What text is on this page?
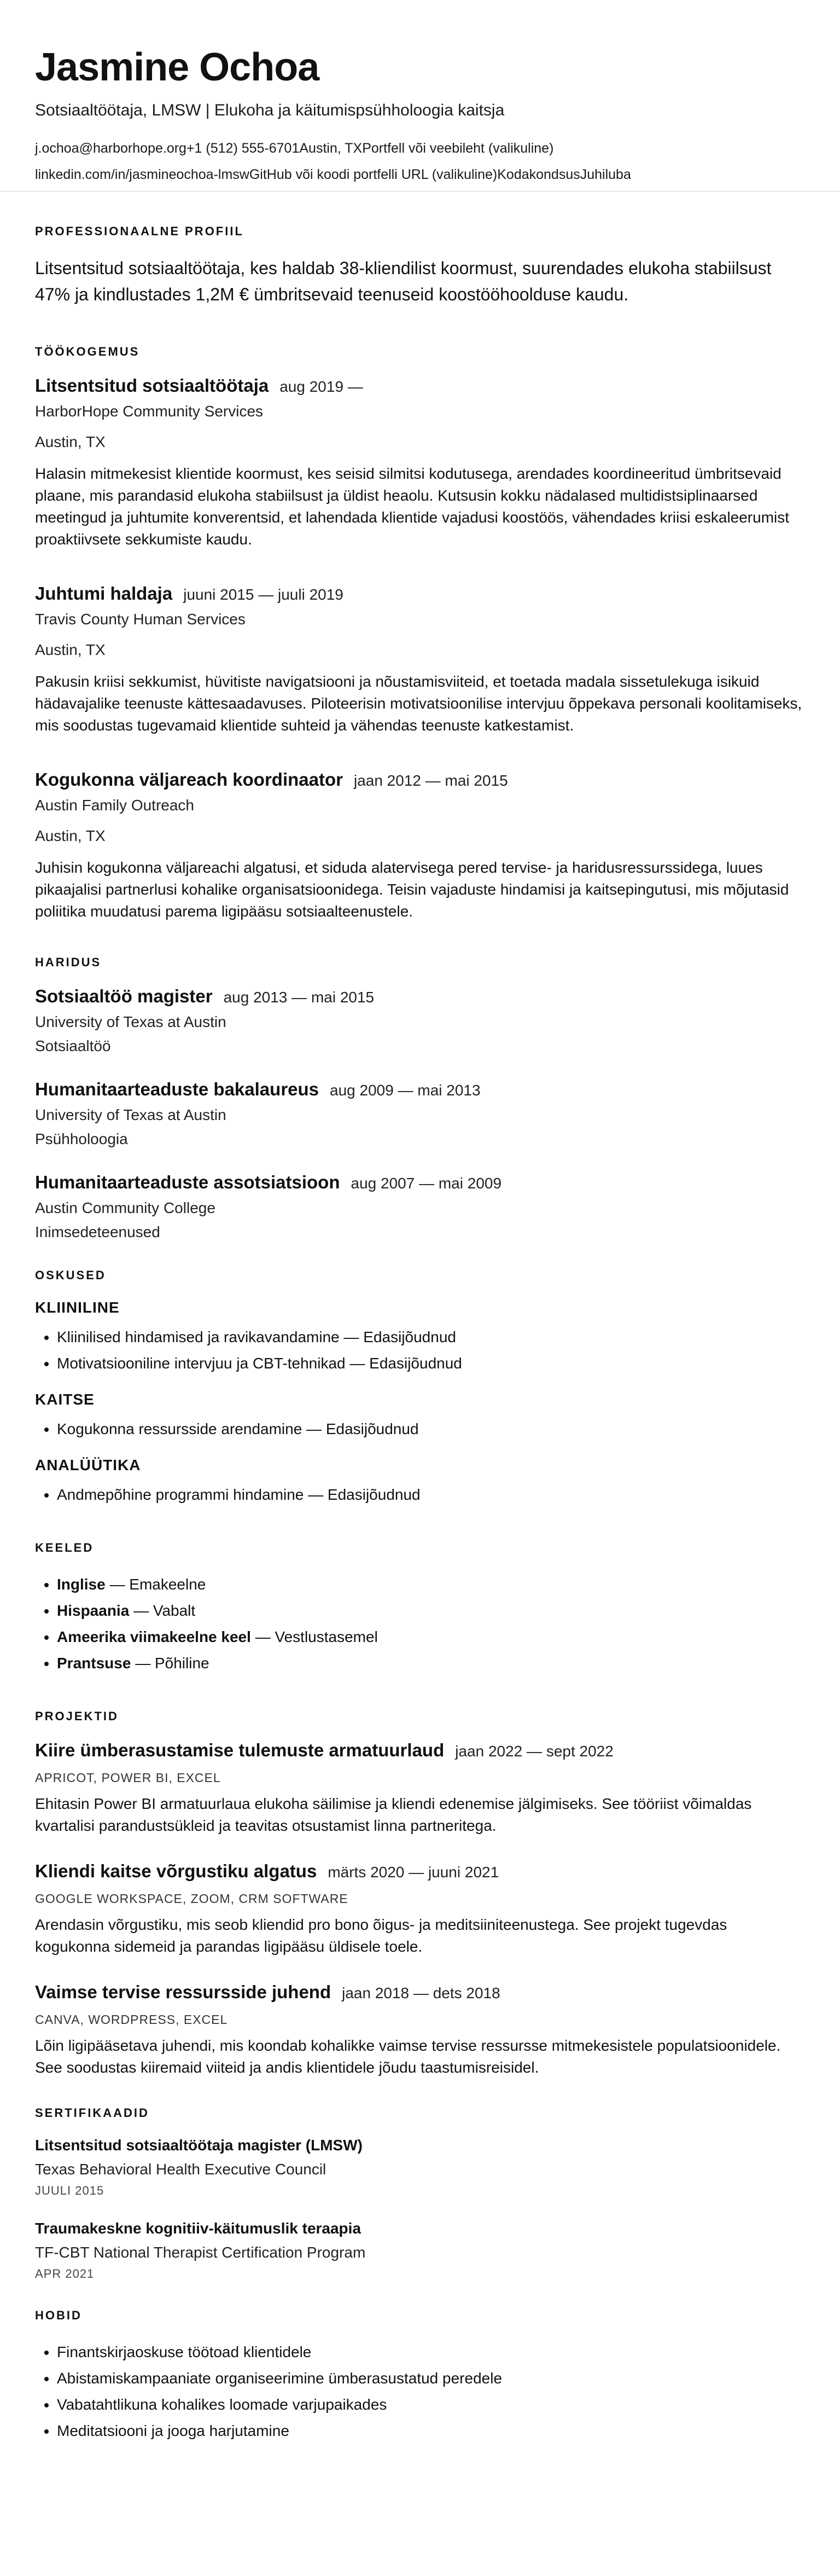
Jasmine Ochoa
Sotsiaaltöötaja, LMSW | Elukoha ja käitumispsühholoogia kaitsja
j.ochoa@harborhope.org+1 (512) 555-6701Austin, TXPortfell või veebileht (valikuline)
linkedin.com/in/jasmineochoa-lmswGitHub või koodi portfelli URL (valikuline)KodakondsusJuhiluba
PROFESSIONAALNE PROFIIL
Litsentsitud sotsiaaltöötaja, kes haldab 38-kliendilist koormust, suurendades elukoha stabiilsust 47% ja kindlustades 1,2M € ümbritsevaid teenuseid koostööhoolduse kaudu.
TÖÖKOGEMUS
Litsentsitud sotsiaaltöötaja aug 2019 —
HarborHope Community Services
Austin, TX
Halasin mitmekesist klientide koormust, kes seisid silmitsi kodutusega, arendades koordineeritud ümbritsevaid plaane, mis parandasid elukoha stabiilsust ja üldist heaolu. Kutsusin kokku nädalased multidistsiplinaarsed meetingud ja juhtumite konverentsid, et lahendada klientide vajadusi koostöös, vähendades kriisi eskaleerumist proaktiivsete sekkumiste kaudu.
Juhtumi haldaja juuni 2015 — juuli 2019
Travis County Human Services
Austin, TX
Pakusin kriisi sekkumist, hüvitiste navigatsiooni ja nõustamisviiteid, et toetada madala sissetulekuga isikuid hädavajalike teenuste kättesaadavuses. Piloteerisin motivatsioonilise intervjuu õppekava personali koolitamiseks, mis soodustas tugevamaid klientide suhteid ja vähendas teenuste katkestamist.
Kogukonna väljareach koordinaator jaan 2012 — mai 2015
Austin Family Outreach
Austin, TX
Juhisin kogukonna väljareachi algatusi, et siduda alatervisega pered tervise- ja haridusressurssidega, luues pikaajalisi partnerlusi kohalike organisatsioonidega. Teisin vajaduste hindamisi ja kaitsepingutusi, mis mõjutasid poliitika muudatusi parema ligipääsu sotsiaalteenustele.
HARIDUS
Sotsiaaltöö magister aug 2013 — mai 2015
University of Texas at Austin
Sotsiaaltöö
Humanitaarteaduste bakalaureus aug 2009 — mai 2013
University of Texas at Austin
Psühholoogia
Humanitaarteaduste assotsiatsioon aug 2007 — mai 2009
Austin Community College
Inimsedeteenused
OSKUSED
KLIINILINE
• Kliinilised hindamised ja ravikavandamine — Edasijõudnud
• Motivatsiooniline intervjuu ja CBT-tehnikad — Edasijõudnud
KAITSE
• Kogukonna ressursside arendamine — Edasijõudnud
ANALÜÜTIKA
• Andmepõhine programmi hindamine — Edasijõudnud
KEELED
• Inglise — Emakeelne
• Hispaania — Vabalt
• Ameerika viimakeelne keel — Vestlustasemel
• Prantsuse — Põhiline
PROJEKTID
Kiire ümberasustamise tulemuste armatuurlaud jaan 2022 — sept 2022
APRICOT, POWER BI, EXCEL
Ehitasin Power BI armatuurlaua elukoha säilimise ja kliendi edenemise jälgimiseks. See tööriist võimaldas kvartalisi parandustsükleid ja teavitas otsustamist linna partneritega.
Kliendi kaitse võrgustiku algatus märts 2020 — juuni 2021
GOOGLE WORKSPACE, ZOOM, CRM SOFTWARE
Arendasin võrgustiku, mis seob kliendid pro bono õigus- ja meditsiiniteenustega. See projekt tugevdas kogukonna sidemeid ja parandas ligipääsu üldisele toele.
Vaimse tervise ressursside juhend jaan 2018 — dets 2018
CANVA, WORDPRESS, EXCEL
Lõin ligipääsetava juhendi, mis koondab kohalikke vaimse tervise ressursse mitmekesistele populatsioonidele. See soodustas kiiremaid viiteid ja andis klientidele jõudu taastumisreisidel.
SERTIFIKAADID
Litsentsitud sotsiaaltöötaja magister (LMSW)
Texas Behavioral Health Executive Council
JUULI 2015
Traumakeskne kognitiiv-käitumuslik teraapia
TF-CBT National Therapist Certification Program
APR 2021
HOBID
• Finantskirjaoskuse töötoad klientidele
• Abistamiskampaaniate organiseerimine ümberasustatud peredele
• Vabatahtlikuna kohalikes loomade varjupaikades
• Meditatsiooni ja jooga harjutamine
